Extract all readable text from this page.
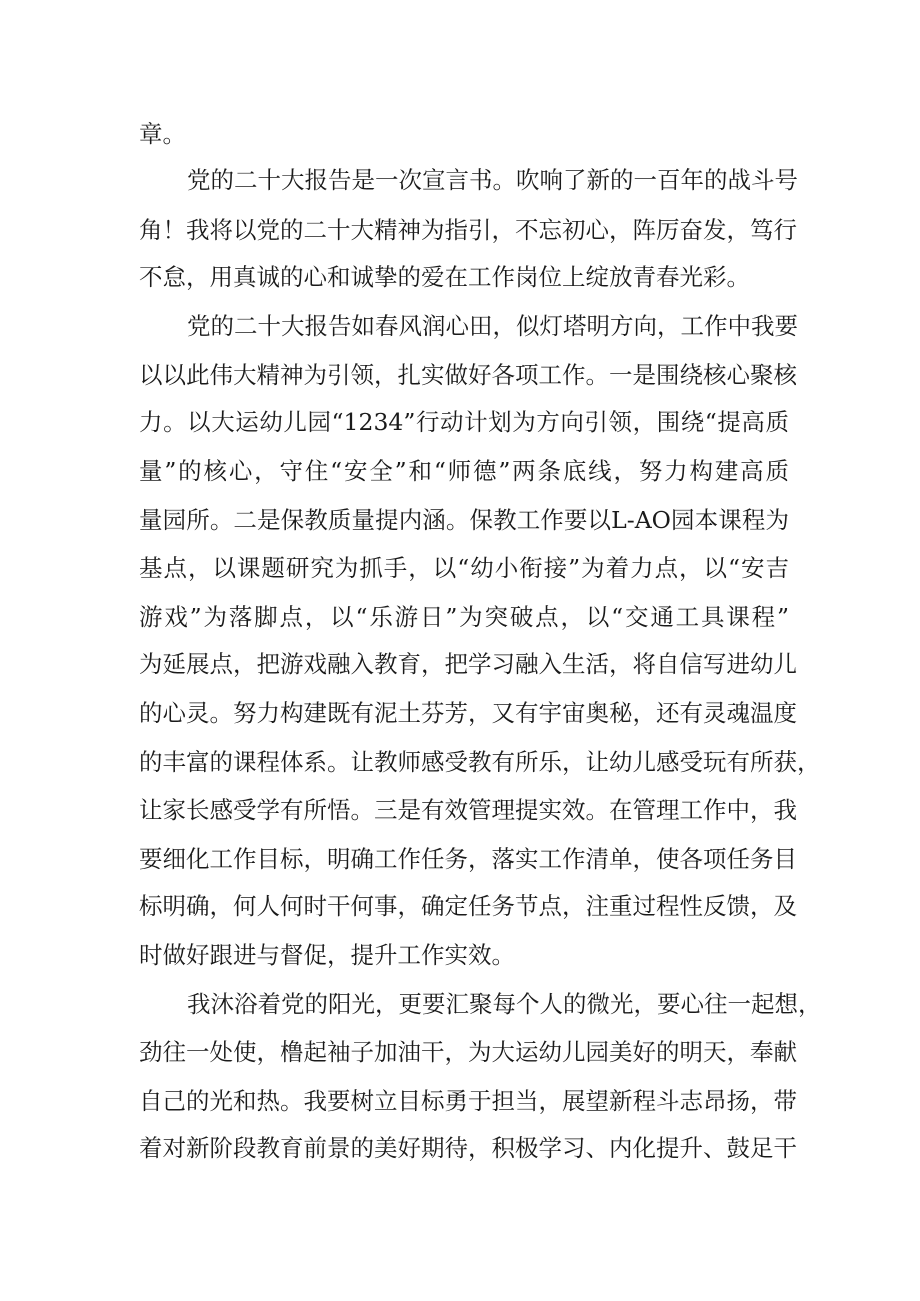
章。
党的二十大报告是一次宣言书。吹响了新的一百年的战斗号
角！我将以党的二十大精神为指引，不忘初心，阵厉奋发，笃行
不怠，用真诚的心和诚挚的爱在工作岗位上绽放青春光彩。
党的二十大报告如春风润心田，似灯塔明方向，工作中我要
以以此伟大精神为引领，扎实做好各项工作。一是围绕核心聚核
力。以大运幼儿园“1234”行动计划为方向引领，围绕“提高质
量”的核心，守住“安全”和“师德”两条底线，努力构建高质
量园所。二是保教质量提内涵。保教工作要以L-AO园本课程为
基点，以课题研究为抓手，以“幼小衔接”为着力点，以“安吉
游戏”为落脚点，以“乐游日”为突破点，以“交通工具课程”
为延展点，把游戏融入教育，把学习融入生活，将自信写进幼儿
的心灵。努力构建既有泥土芬芳，又有宇宙奥秘，还有灵魂温度
的丰富的课程体系。让教师感受教有所乐，让幼儿感受玩有所获，
让家长感受学有所悟。三是有效管理提实效。在管理工作中，我
要细化工作目标，明确工作任务，落实工作清单，使各项任务目
标明确，何人何时干何事，确定任务节点，注重过程性反馈，及
时做好跟进与督促，提升工作实效。
我沐浴着党的阳光，更要汇聚每个人的微光，要心往一起想，
劲往一处使，橹起袖子加油干，为大运幼儿园美好的明天，奉献
自己的光和热。我要树立目标勇于担当，展望新程斗志昂扬，带
着对新阶段教育前景的美好期待，积极学习、内化提升、鼓足干
